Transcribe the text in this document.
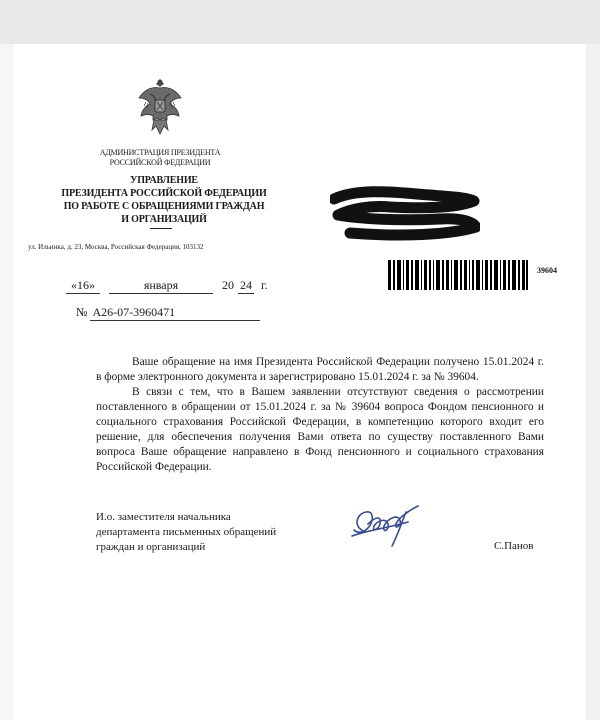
АДМИНИСТРАЦИЯ ПРЕЗИДЕНТА
РОССИЙСКОЙ ФЕДЕРАЦИИ
УПРАВЛЕНИЕ
ПРЕЗИДЕНТА РОССИЙСКОЙ ФЕДЕРАЦИИ
ПО РАБОТЕ С ОБРАЩЕНИЯМИ ГРАЖДАН
И ОРГАНИЗАЦИЙ
ул. Ильинка, д. 23, Москва, Российская Федерация, 103132
39604
«16»	января	20 24 г.
№ А26-07-3960471

Ваше обращение на имя Президента Российской Федерации получено 15.01.2024 г. в форме электронного документа и зарегистрировано 15.01.2024 г. за № 39604.

В связи с тем, что в Вашем заявлении отсутствуют сведения о рассмотрении поставленного в обращении от 15.01.2024 г. за № 39604 вопроса Фондом пенсионного и социального страхования Российской Федерации, в компетенцию которого входит его решение, для обеспечения получения Вами ответа по существу поставленного Вами вопроса Ваше обращение направлено в Фонд пенсионного и социального страхования Российской Федерации.

И.о. заместителя начальника
департамента письменных обращений
граждан и организаций	С.Панов
